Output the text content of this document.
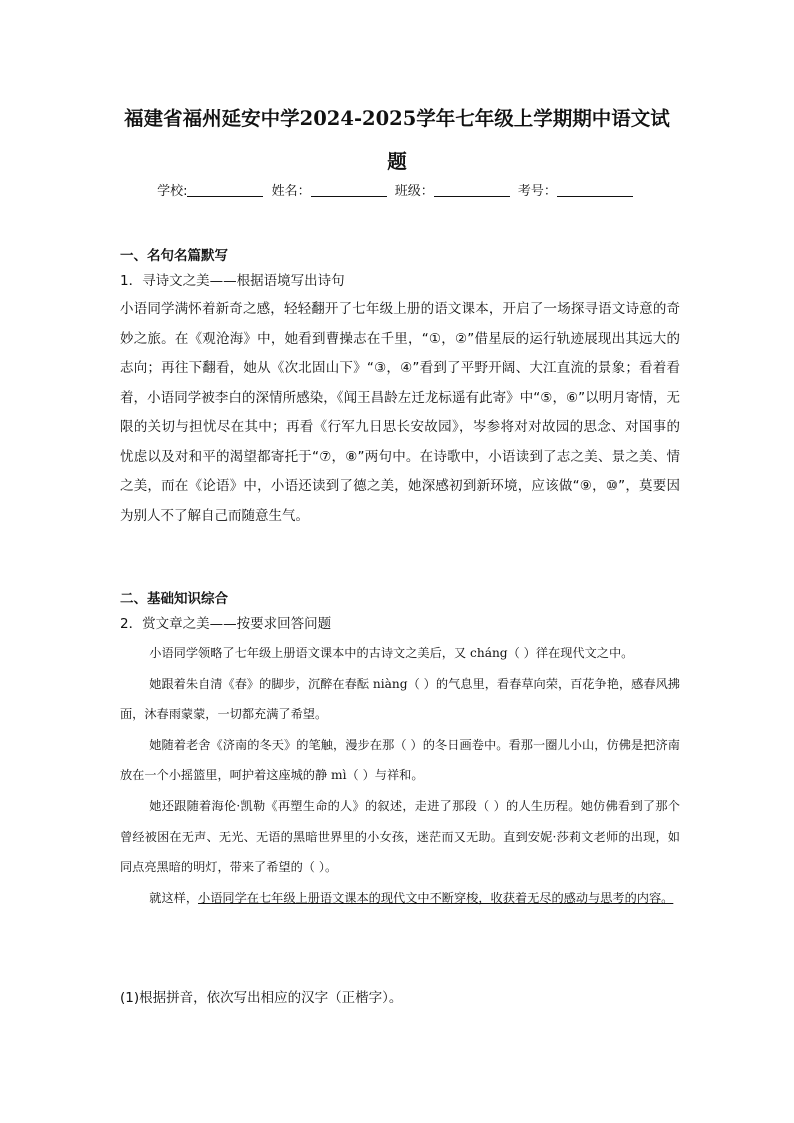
福建省福州延安中学2024-2025学年七年级上学期期中语文试
题
学校:	姓名：	班级：	考号：
一、名句名篇默写
1．寻诗文之美——根据语境写出诗句

小语同学满怀着新奇之感，轻轻翻开了七年级上册的语文课本，开启了一场探寻语文诗意的奇妙之旅。在《观沧海》中，她看到曹操志在千里，“①，②”借星辰的运行轨迹展现出其远大的志向；再往下翻看，她从《次北固山下》“③，④”看到了平野开阔、大江直流的景象；看着看着，小语同学被李白的深情所感染，《闻王昌龄左迁龙标遥有此寄》中“⑤，⑥”以明月寄情，无限的关切与担忧尽在其中；再看《行军九日思长安故园》，岑参将对对故园的思念、对国事的忧虑以及对和平的渴望都寄托于“⑦，⑧”两句中。在诗歌中，小语读到了志之美、景之美、情之美，而在《论语》中，小语还读到了德之美，她深感初到新环境，应该做“⑨，⑩”，莫要因为别人不了解自己而随意生气。

二、基础知识综合
2．赏文章之美——按要求回答问题

小语同学领略了七年级上册语文课本中的古诗文之美后，又 cháng（ ）徉在现代文之中。

她跟着朱自清《春》的脚步，沉醉在春酝 niàng（ ）的气息里，看春草向荣，百花争艳，感春风拂面，沐春雨蒙蒙，一切都充满了希望。

她随着老舍《济南的冬天》的笔触，漫步在那（ ）的冬日画卷中。看那一圈儿小山，仿佛是把济南放在一个小摇篮里，呵护着这座城的静 mì（ ）与祥和。

她还跟随着海伦·凯勒《再塑生命的人》的叙述，走进了那段（ ）的人生历程。她仿佛看到了那个曾经被困在无声、无光、无语的黑暗世界里的小女孩，迷茫而又无助。直到安妮·莎莉文老师的出现，如同点亮黑暗的明灯，带来了希望的（ ）。

就这样，小语同学在七年级上册语文课本的现代文中不断穿梭，收获着无尽的感动与思考的内容。

(1)根据拼音，依次写出相应的汉字（正楷字）。
